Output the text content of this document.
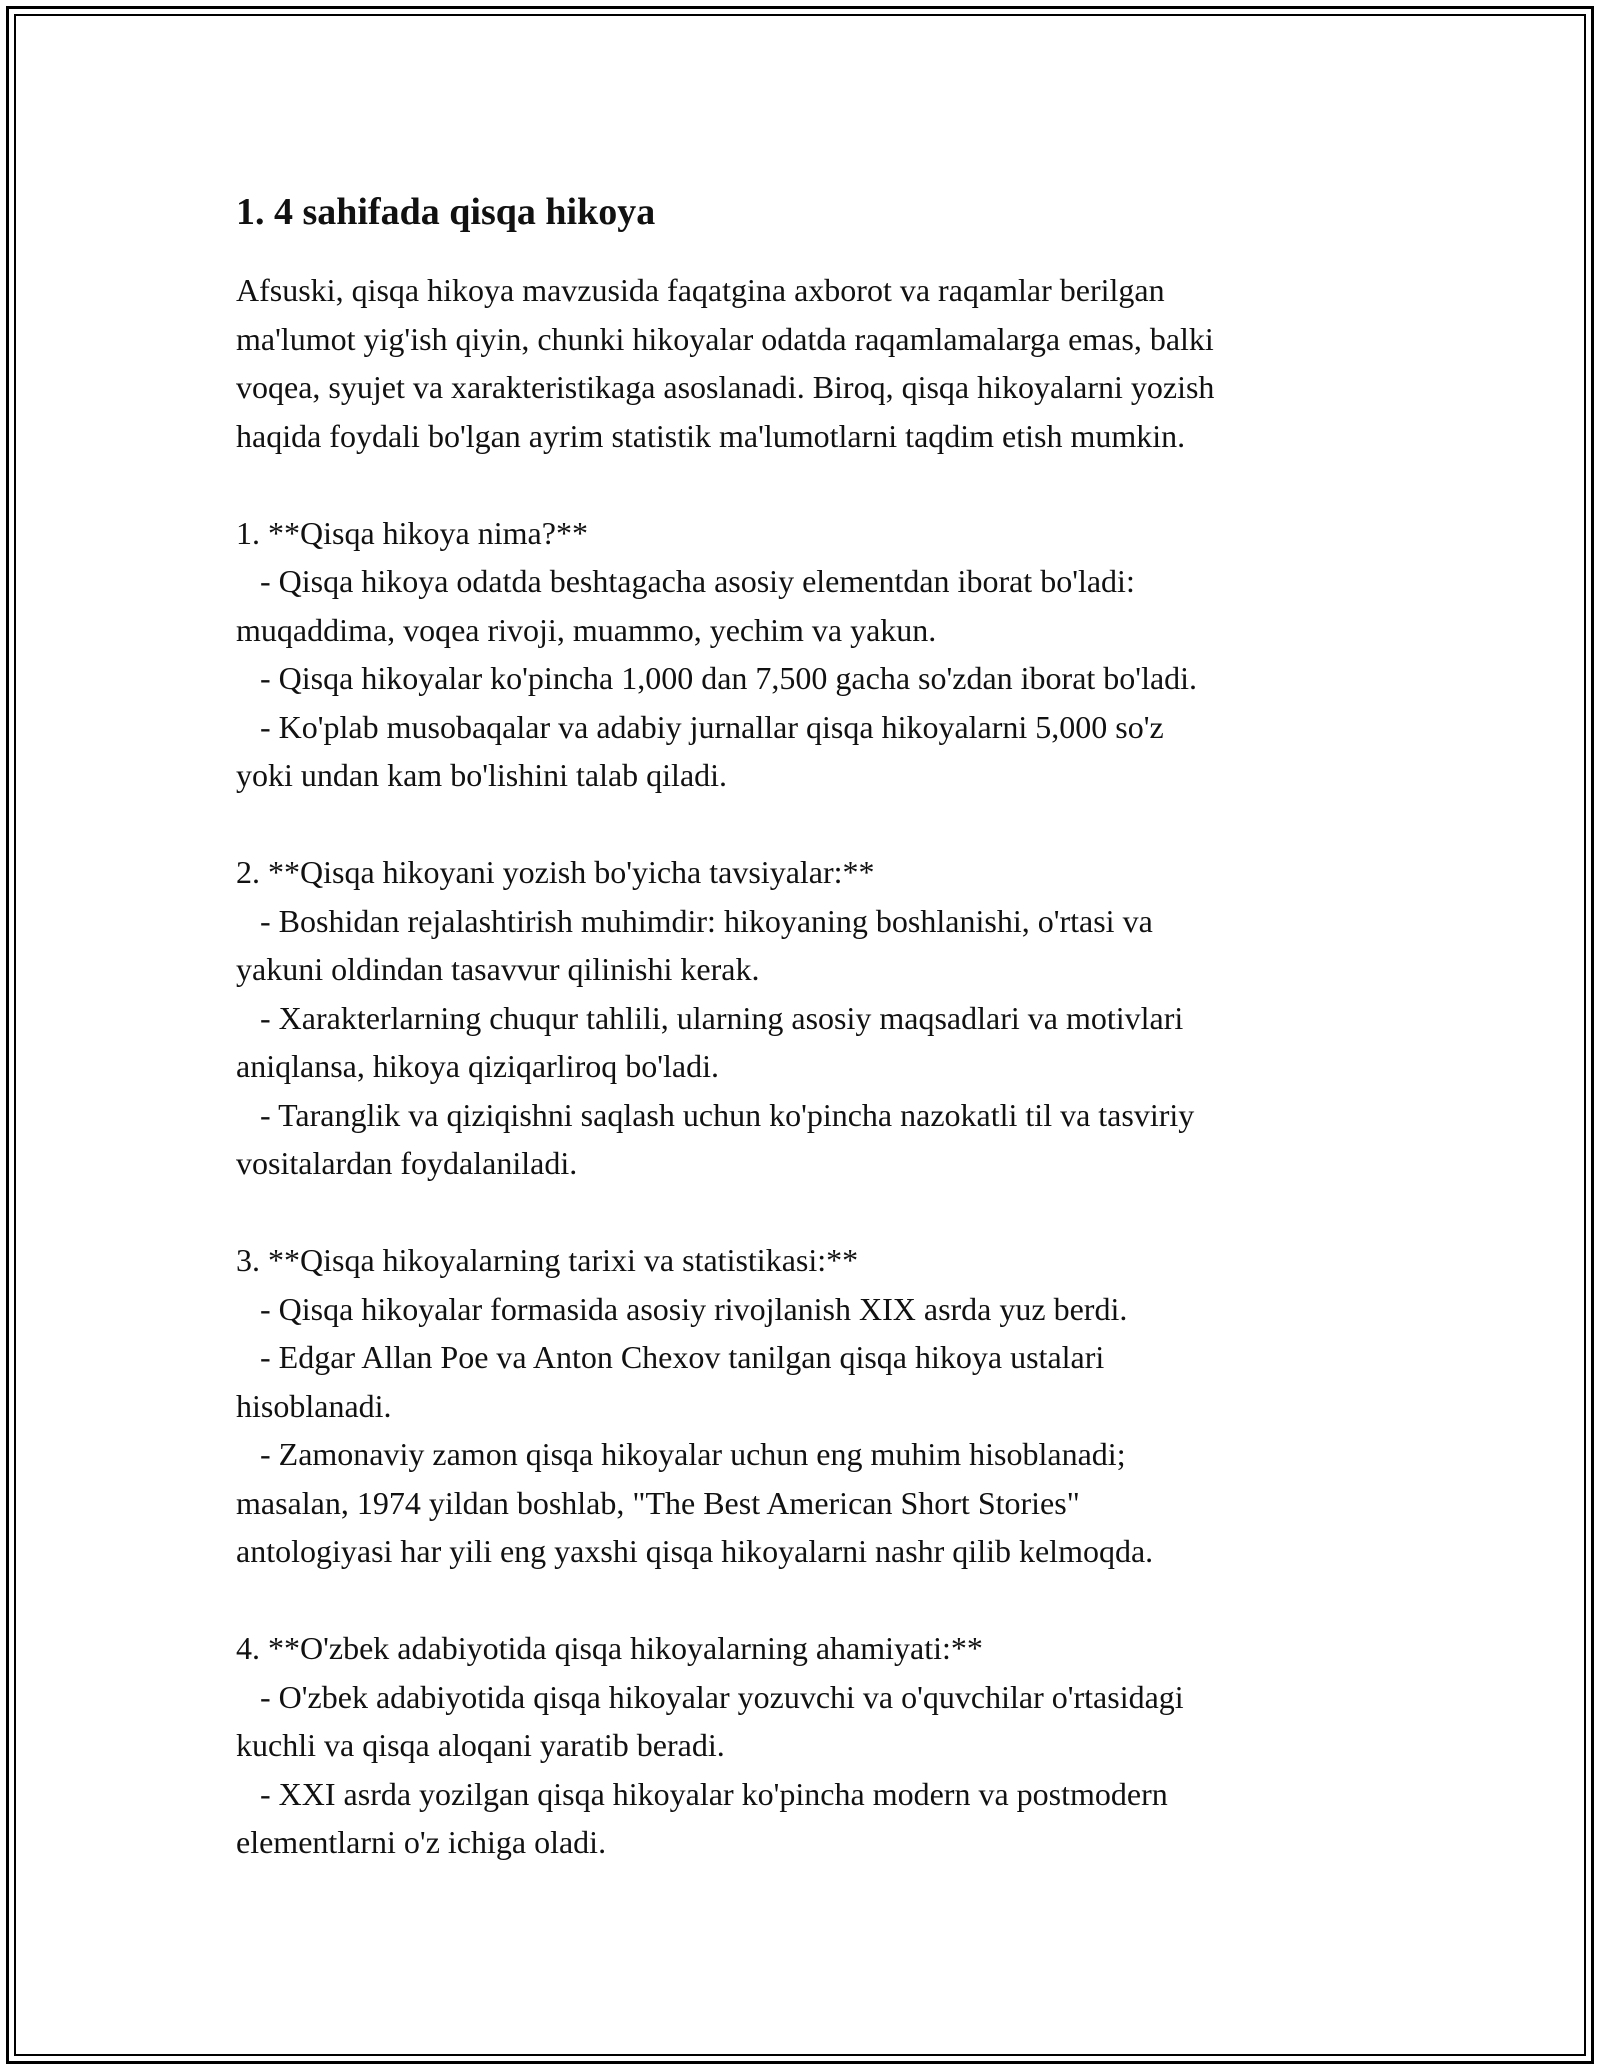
1. 4 sahifada qisqa hikoya

Afsuski, qisqa hikoya mavzusida faqatgina axborot va raqamlar berilgan
ma'lumot yig'ish qiyin, chunki hikoyalar odatda raqamlamalarga emas, balki
voqea, syujet va xarakteristikaga asoslanadi. Biroq, qisqa hikoyalarni yozish
haqida foydali bo'lgan ayrim statistik ma'lumotlarni taqdim etish mumkin.

1. **Qisqa hikoya nima?**

- Qisqa hikoya odatda beshtagacha asosiy elementdan iborat bo'ladi:
muqaddima, voqea rivoji, muammo, yechim va yakun.

- Qisqa hikoyalar ko'pincha 1,000 dan 7,500 gacha so'zdan iborat bo'ladi.

- Ko'plab musobaqalar va adabiy jurnallar qisqa hikoyalarni 5,000 so'z
yoki undan kam bo'lishini talab qiladi.

2. **Qisqa hikoyani yozish bo'yicha tavsiyalar:**

- Boshidan rejalashtirish muhimdir: hikoyaning boshlanishi, o'rtasi va
yakuni oldindan tasavvur qilinishi kerak.

- Xarakterlarning chuqur tahlili, ularning asosiy maqsadlari va motivlari
aniqlansa, hikoya qiziqarliroq bo'ladi.

- Taranglik va qiziqishni saqlash uchun ko'pincha nazokatli til va tasviriy
vositalardan foydalaniladi.

3. **Qisqa hikoyalarning tarixi va statistikasi:**

- Qisqa hikoyalar formasida asosiy rivojlanish XIX asrda yuz berdi.

- Edgar Allan Poe va Anton Chexov tanilgan qisqa hikoya ustalari
hisoblanadi.

- Zamonaviy zamon qisqa hikoyalar uchun eng muhim hisoblanadi;
masalan, 1974 yildan boshlab, "The Best American Short Stories"
antologiyasi har yili eng yaxshi qisqa hikoyalarni nashr qilib kelmoqda.

4. **O'zbek adabiyotida qisqa hikoyalarning ahamiyati:**

- O'zbek adabiyotida qisqa hikoyalar yozuvchi va o'quvchilar o'rtasidagi
kuchli va qisqa aloqani yaratib beradi.

- XXI asrda yozilgan qisqa hikoyalar ko'pincha modern va postmodern
elementlarni o'z ichiga oladi.
